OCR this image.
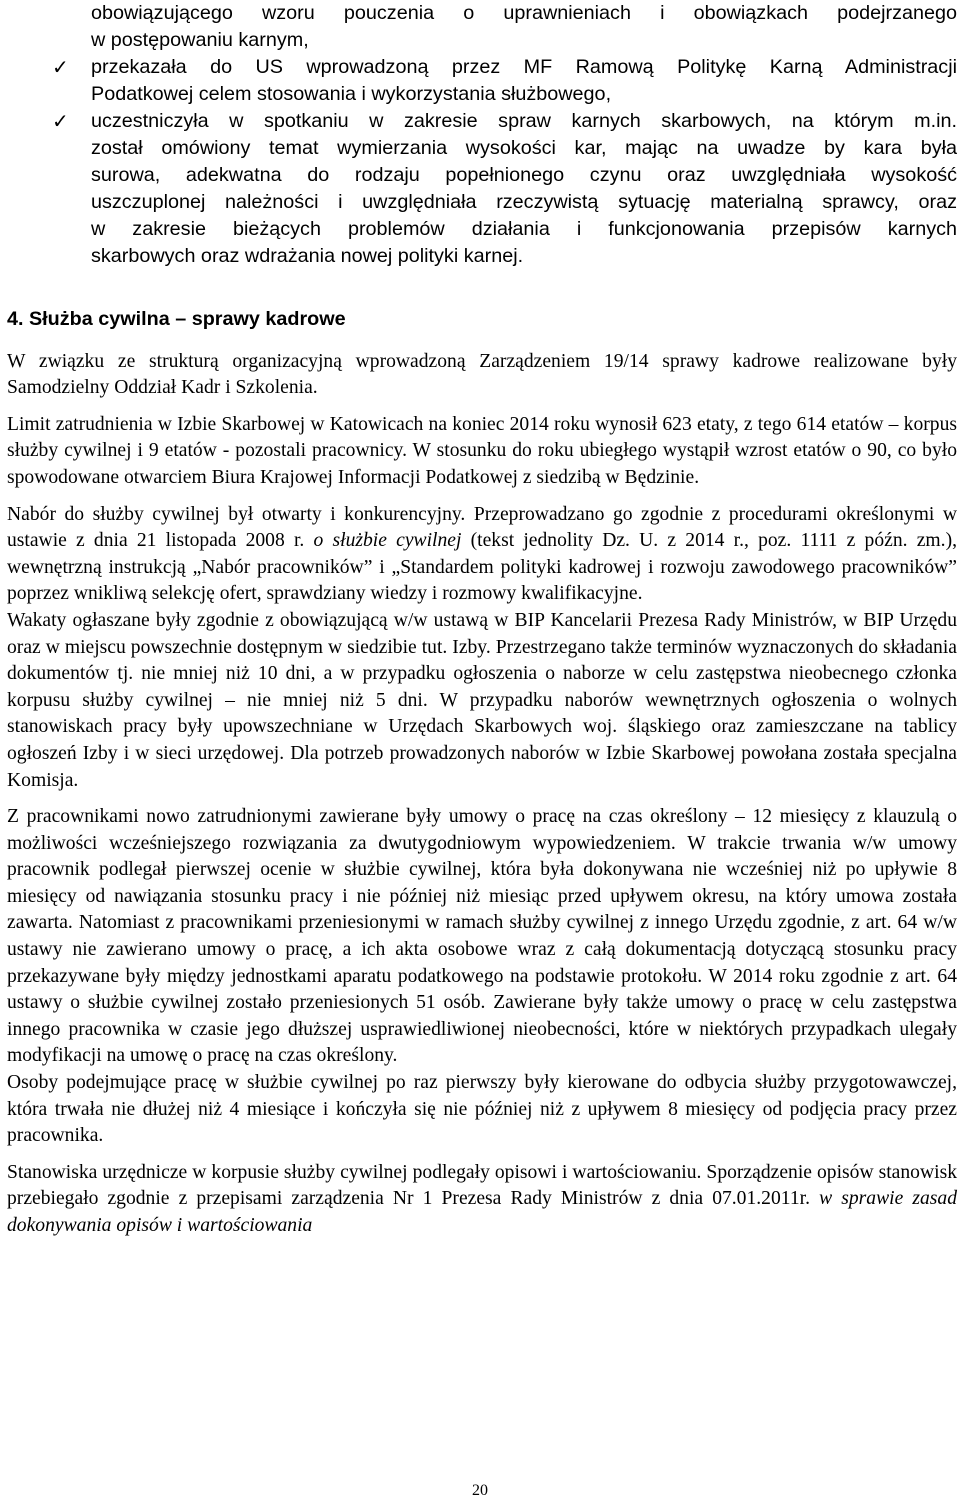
obowiązującego wzoru pouczenia o uprawnieniach i obowiązkach podejrzanego
w postępowaniu karnym,
✓ przekazała do US wprowadzoną przez MF Ramową Politykę Karną Administracji
Podatkowej celem stosowania i wykorzystania służbowego,
✓ uczestniczyła w spotkaniu w zakresie spraw karnych skarbowych, na którym m.in.
został omówiony temat wymierzania wysokości kar, mając na uwadze by kara była
surowa, adekwatna do rodzaju popełnionego czynu oraz uwzględniała wysokość
uszczuplonej należności i uwzględniała rzeczywistą sytuację materialną sprawcy, oraz
w zakresie bieżących problemów działania i funkcjonowania przepisów karnych
skarbowych oraz wdrażania nowej polityki karnej.

4. Służba cywilna – sprawy kadrowe

W związku ze strukturą organizacyjną wprowadzoną Zarządzeniem 19/14 sprawy kadrowe realizowane były Samodzielny Oddział Kadr i Szkolenia.

Limit zatrudnienia w Izbie Skarbowej w Katowicach na koniec 2014 roku wynosił 623 etaty, z tego 614 etatów – korpus służby cywilnej i 9 etatów - pozostali pracownicy. W stosunku do roku ubiegłego wystąpił wzrost etatów o 90, co było spowodowane otwarciem Biura Krajowej Informacji Podatkowej z siedzibą w Będzinie.

Nabór do służby cywilnej był otwarty i konkurencyjny. Przeprowadzano go zgodnie z procedurami określonymi w ustawie z dnia 21 listopada 2008 r. o służbie cywilnej (tekst jednolity Dz. U. z 2014 r., poz. 1111 z późn. zm.), wewnętrzną instrukcją „Nabór pracowników” i „Standardem polityki kadrowej i rozwoju zawodowego pracowników” poprzez wnikliwą selekcję ofert, sprawdziany wiedzy i rozmowy kwalifikacyjne.

Wakaty ogłaszane były zgodnie z obowiązującą w/w ustawą w BIP Kancelarii Prezesa Rady Ministrów, w BIP Urzędu oraz w miejscu powszechnie dostępnym w siedzibie tut. Izby. Przestrzegano także terminów wyznaczonych do składania dokumentów tj. nie mniej niż 10 dni, a w przypadku ogłoszenia o naborze w celu zastępstwa nieobecnego członka korpusu służby cywilnej – nie mniej niż 5 dni. W przypadku naborów wewnętrznych ogłoszenia o wolnych stanowiskach pracy były upowszechniane w Urzędach Skarbowych woj. śląskiego oraz zamieszczane na tablicy ogłoszeń Izby i w sieci urzędowej. Dla potrzeb prowadzonych naborów w Izbie Skarbowej powołana została specjalna Komisja.

Z pracownikami nowo zatrudnionymi zawierane były umowy o pracę na czas określony – 12 miesięcy z klauzulą o możliwości wcześniejszego rozwiązania za dwutygodniowym wypowiedzeniem. W trakcie trwania w/w umowy pracownik podlegał pierwszej ocenie w służbie cywilnej, która była dokonywana nie wcześniej niż po upływie 8 miesięcy od nawiązania stosunku pracy i nie później niż miesiąc przed upływem okresu, na który umowa została zawarta. Natomiast z pracownikami przeniesionymi w ramach służby cywilnej z innego Urzędu zgodnie, z art. 64 w/w ustawy nie zawierano umowy o pracę, a ich akta osobowe wraz z całą dokumentacją dotyczącą stosunku pracy przekazywane były między jednostkami aparatu podatkowego na podstawie protokołu. W 2014 roku zgodnie z art. 64 ustawy o służbie cywilnej zostało przeniesionych 51 osób. Zawierane były także umowy o pracę w celu zastępstwa innego pracownika w czasie jego dłuższej usprawiedliwionej nieobecności, które w niektórych przypadkach ulegały modyfikacji na umowę o pracę na czas określony.

Osoby podejmujące pracę w służbie cywilnej po raz pierwszy były kierowane do odbycia służby przygotowawczej, która trwała nie dłużej niż 4 miesiące i kończyła się nie później niż z upływem 8 miesięcy od podjęcia pracy przez pracownika.

Stanowiska urzędnicze w korpusie służby cywilnej podlegały opisowi i wartościowaniu. Sporządzenie opisów stanowisk przebiegało zgodnie z przepisami zarządzenia Nr 1 Prezesa Rady Ministrów z dnia 07.01.2011r. w sprawie zasad dokonywania opisów i wartościowania

20
